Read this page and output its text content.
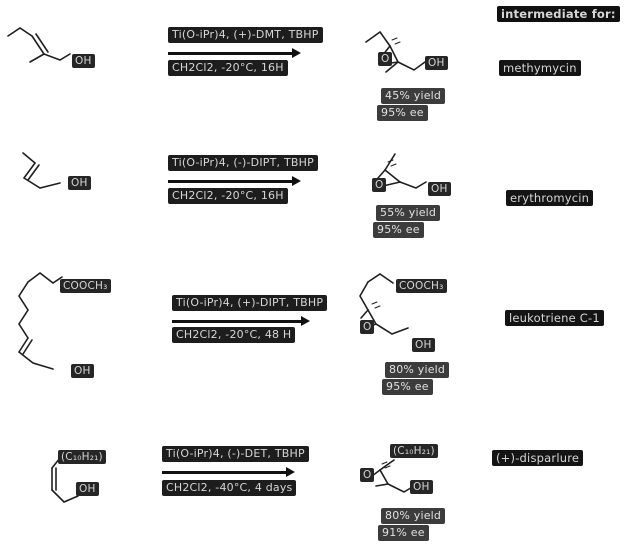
intermediate for:
OH
Ti(O-iPr)4, (+)-DMT, TBHP
CH2Cl2, -20°C, 16H
O	OH
45% yield
95% ee
methymycin
OH
Ti(O-iPr)4, (-)-DIPT, TBHP
CH2Cl2, -20°C, 16H
O	OH
55% yield
95% ee
erythromycin
COOCH₃
OH
Ti(O-iPr)4, (+)-DIPT, TBHP
CH2Cl2, -20°C, 48 H
COOCH₃
O
OH
80% yield
95% ee
leukotriene C-1
(C₁₀H₂₁)
OH
Ti(O-iPr)4, (-)-DET, TBHP
CH2Cl2, -40°C, 4 days
(C₁₀H₂₁)
O
OH
80% yield
91% ee
(+)-disparlure
